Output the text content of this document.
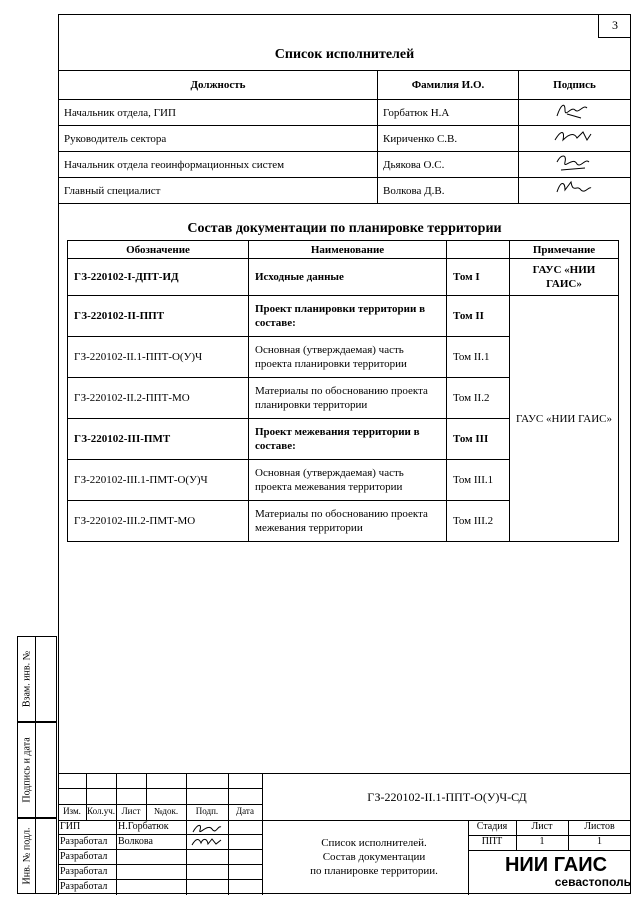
3
Список исполнителей
Должность	Фамилия И.О.	Подпись
Начальник отдела, ГИП	Горбатюк Н.А	
Руководитель сектора	Кириченко С.В.	
Начальник отдела геоинформационных систем	Дьякова О.С.	
Главный специалист	Волкова Д.В.	
Состав документации по планировке территории
Обозначение	Наименование		Примечание
ГЗ-220102-I-ДПТ-ИД	Исходные данные	Том I	ГАУС «НИИ ГАИС»
ГЗ-220102-II-ППТ	Проект планировки территории в составе:	Том II	ГАУС «НИИ ГАИС»
ГЗ-220102-II.1-ППТ-О(У)Ч	Основная (утверждаемая) часть проекта планировки территории	Том II.1	
ГЗ-220102-II.2-ППТ-МО	Материалы по обоснованию проекта планировки территории	Том II.2	
ГЗ-220102-III-ПМТ	Проект межевания территории в составе:	Том III	
ГЗ-220102-III.1-ПМТ-О(У)Ч	Основная (утверждаемая) часть проекта межевания территории	Том III.1	
ГЗ-220102-III.2-ПМТ-МО	Материалы по обоснованию проекта межевания территории	Том III.2	
Взам. инв. №
Подпись и дата
Инв. № подл.
Изм. Кол.уч. Лист	№док.	Подп.	Дата
ГЗ-220102-II.1-ППТ-О(У)Ч-СД
ГИП	Н.Горбатюк
Разработал	Волкова
Разработал
Разработал
Разработал
Список исполнителей.
Состав документации
по планировке территории.
Стадия	Лист	Листов
ППТ	1	1
НИИ ГАИС
севастополь
